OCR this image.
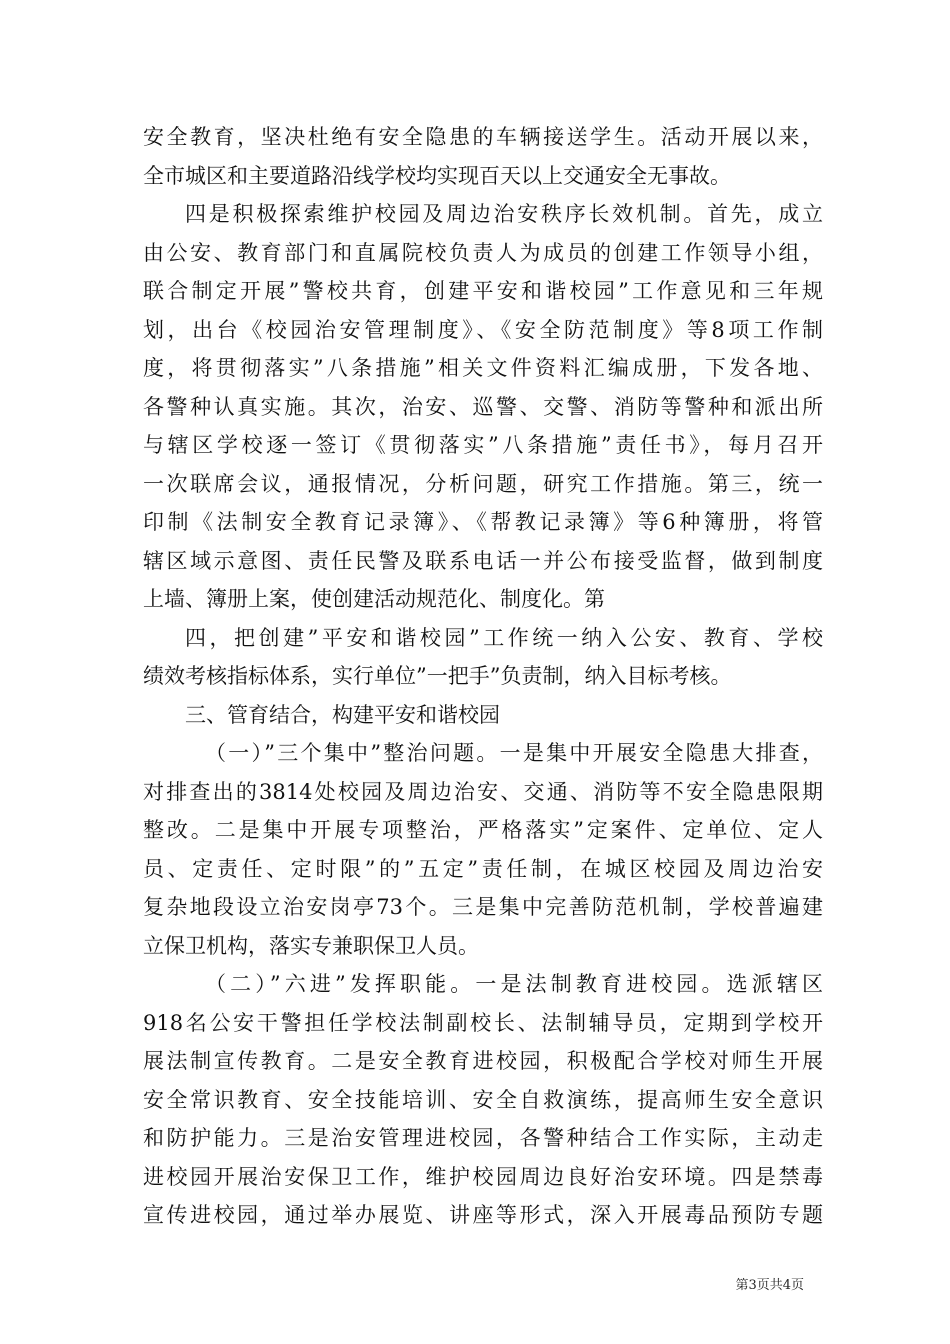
安全教育，坚决杜绝有安全隐患的车辆接送学生。活动开展以来，
全市城区和主要道路沿线学校均实现百天以上交通安全无事故。
四是积极探索维护校园及周边治安秩序长效机制。首先，成立
由公安、教育部门和直属院校负责人为成员的创建工作领导小组，
联合制定开展”警校共育，创建平安和谐校园”工作意见和三年规
划，出台《校园治安管理制度》、《安全防范制度》等8项工作制
度，将贯彻落实”八条措施”相关文件资料汇编成册，下发各地、
各警种认真实施。其次，治安、巡警、交警、消防等警种和派出所
与辖区学校逐一签订《贯彻落实”八条措施”责任书》，每月召开
一次联席会议，通报情况，分析问题，研究工作措施。第三，统一
印制《法制安全教育记录簿》、《帮教记录簿》等6种簿册，将管
辖区域示意图、责任民警及联系电话一并公布接受监督，做到制度
上墙、簿册上案，使创建活动规范化、制度化。第
四，把创建”平安和谐校园”工作统一纳入公安、教育、学校
绩效考核指标体系，实行单位”一把手”负责制，纳入目标考核。
三、管育结合，构建平安和谐校园
（一）”三个集中”整治问题。一是集中开展安全隐患大排查，
对排查出的3814处校园及周边治安、交通、消防等不安全隐患限期
整改。二是集中开展专项整治，严格落实”定案件、定单位、定人
员、定责任、定时限”的”五定”责任制，在城区校园及周边治安
复杂地段设立治安岗亭73个。三是集中完善防范机制，学校普遍建
立保卫机构，落实专兼职保卫人员。
（二）”六进”发挥职能。一是法制教育进校园。选派辖区
918名公安干警担任学校法制副校长、法制辅导员，定期到学校开
展法制宣传教育。二是安全教育进校园，积极配合学校对师生开展
安全常识教育、安全技能培训、安全自救演练，提高师生安全意识
和防护能力。三是治安管理进校园，各警种结合工作实际，主动走
进校园开展治安保卫工作，维护校园周边良好治安环境。四是禁毒
宣传进校园，通过举办展览、讲座等形式，深入开展毒品预防专题
第3页共4页
